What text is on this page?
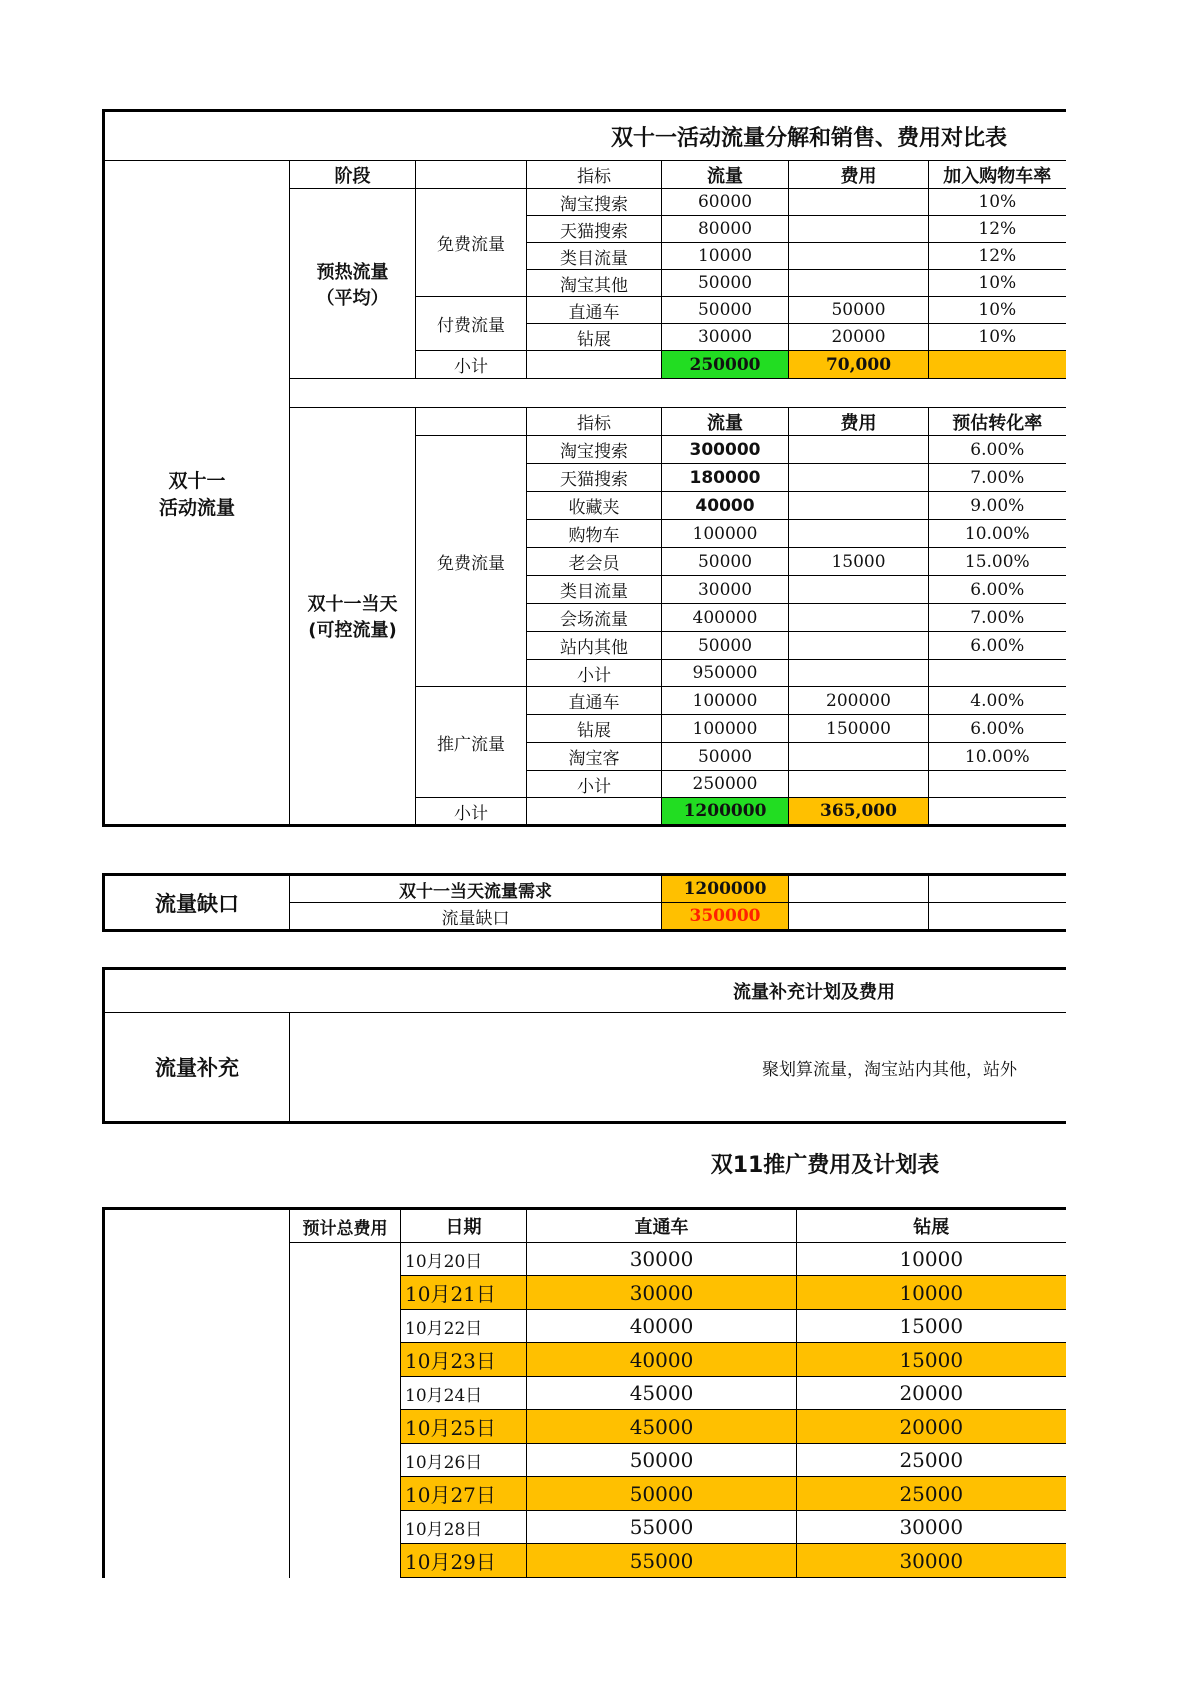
双十一活动流量分解和销售、费用对比表						
双十一
活动流量	阶段		指标	流量	费用	加入购物车率
	预热流量
（平均）	免费流量	淘宝搜索	60000		10%
			天猫搜索	80000		12%
			类目流量	10000		12%
			淘宝其他	50000		10%
		付费流量	直通车	50000	50000	10%
			钻展	30000	20000	10%
		小计		250000	70,000	

	双十一当天
(可控流量)		指标	流量	费用	预估转化率
		免费流量	淘宝搜索	300000		6.00%
			天猫搜索	180000		7.00%
			收藏夹	40000		9.00%
			购物车	100000		10.00%
			老会员	50000	15000	15.00%
			类目流量	30000		6.00%
			会场流量	400000		7.00%
			站内其他	50000		6.00%
			小计	950000		
		推广流量	直通车	100000	200000	4.00%
			钻展	100000	150000	6.00%
			淘宝客	50000		10.00%
			小计	250000		
		小计		1200000	365,000	
流量缺口	双十一当天流量需求	1200000		
	流量缺口	350000		
流量补充计划及费用
流量补充	聚划算流量，淘宝站内其他，站外
双11推广费用及计划表
	预计总费用	日期	直通车	钻展
		10月20日	30000	10000
		10月21日	30000	10000
		10月22日	40000	15000
		10月23日	40000	15000
		10月24日	45000	20000
		10月25日	45000	20000
		10月26日	50000	25000
		10月27日	50000	25000
		10月28日	55000	30000
		10月29日	55000	30000
